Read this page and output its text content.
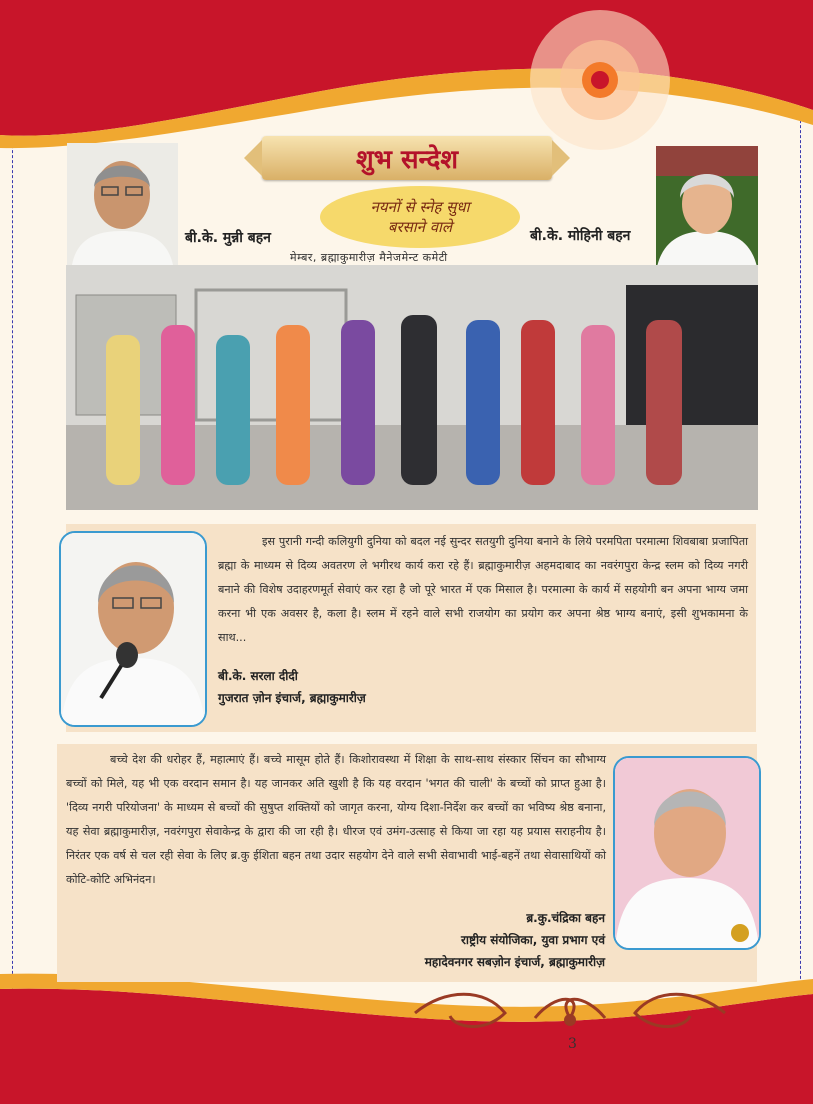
शुभ सन्देश
नयनों से स्नेह सुधा
बरसाने वाले
बी.के. मुन्नी बहन	बी.के. मोहिनी बहन
मेम्बर, ब्रह्माकुमारीज़ मैनेजमेन्ट कमेटी
इस पुरानी गन्दी कलियुगी दुनिया को बदल नई सुन्दर सतयुगी दुनिया बनाने के लिये परमपिता परमात्मा शिवबाबा प्रजापिता ब्रह्मा के माध्यम से दिव्य अवतरण ले भगीरथ कार्य करा रहे हैं। ब्रह्माकुमारीज़ अहमदाबाद का नवरंगपुरा केन्द्र स्लम को दिव्य नगरी बनाने की विशेष उदाहरणमूर्त सेवाएं कर रहा है जो पूरे भारत में एक मिसाल है। परमात्मा के कार्य में सहयोगी बन अपना भाग्य जमा करना भी एक अवसर है, कला है। स्लम में रहने वाले सभी राजयोग का प्रयोग कर अपना श्रेष्ठ भाग्य बनाएं, इसी शुभकामना के साथ...
बी.के. सरला दीदी
गुजरात ज़ोन इंचार्ज, ब्रह्माकुमारीज़
बच्चे देश की धरोहर हैं, महात्माएं हैं। बच्चे मासूम होते हैं। किशोरावस्था में शिक्षा के साथ-साथ संस्कार सिंचन का सौभाग्य बच्चों को मिले, यह भी एक वरदान समान है। यह जानकर अति खुशी है कि यह वरदान 'भगत की चाली' के बच्चों को प्राप्त हुआ है। 'दिव्य नगरी परियोजना' के माध्यम से बच्चों की सुषुप्त शक्तियों को जागृत करना, योग्य दिशा-निर्देश कर बच्चों का भविष्य श्रेष्ठ बनाना, यह सेवा ब्रह्माकुमारीज़, नवरंगपुरा सेवाकेन्द्र के द्वारा की जा रही है। धीरज एवं उमंग-उत्साह से किया जा रहा यह प्रयास सराहनीय है। निरंतर एक वर्ष से चल रही सेवा के लिए ब्र.कु ईशिता बहन तथा उदार सहयोग देने वाले सभी सेवाभावी भाई-बहनें तथा सेवासाथियों को कोटि-कोटि अभिनंदन।
ब्र.कु.चंद्रिका बहन
राष्ट्रीय संयोजिका, युवा प्रभाग एवं
महादेवनगर सबज़ोन इंचार्ज, ब्रह्माकुमारीज़
3
